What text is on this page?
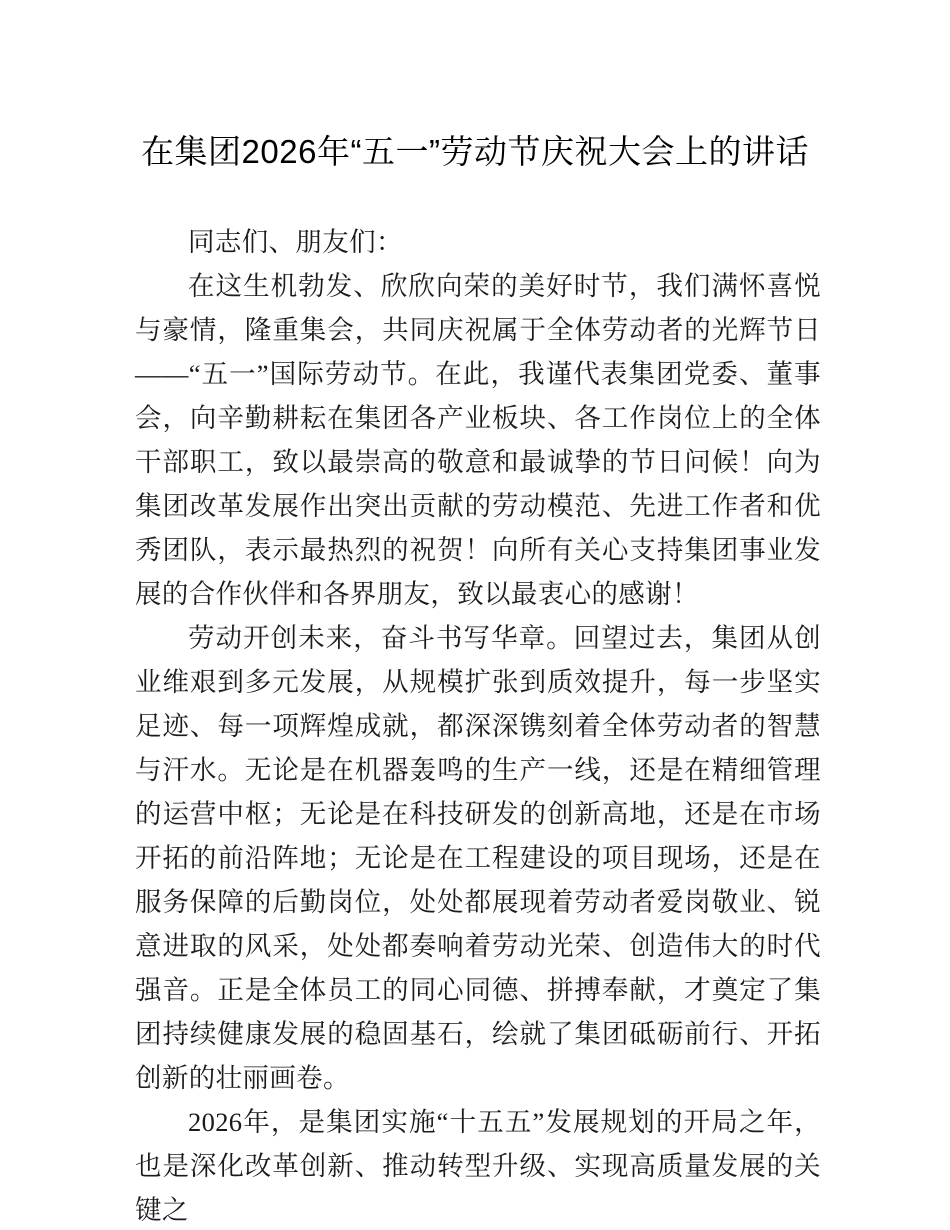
在集团2026年“五一”劳动节庆祝大会上的讲话

同志们、朋友们：

在这生机勃发、欣欣向荣的美好时节，我们满怀喜悦与豪情，隆重集会，共同庆祝属于全体劳动者的光辉节日——“五一”国际劳动节。在此，我谨代表集团党委、董事会，向辛勤耕耘在集团各产业板块、各工作岗位上的全体干部职工，致以最崇高的敬意和最诚挚的节日问候！向为集团改革发展作出突出贡献的劳动模范、先进工作者和优秀团队，表示最热烈的祝贺！向所有关心支持集团事业发展的合作伙伴和各界朋友，致以最衷心的感谢！

劳动开创未来，奋斗书写华章。回望过去，集团从创业维艰到多元发展，从规模扩张到质效提升，每一步坚实足迹、每一项辉煌成就，都深深镌刻着全体劳动者的智慧与汗水。无论是在机器轰鸣的生产一线，还是在精细管理的运营中枢；无论是在科技研发的创新高地，还是在市场开拓的前沿阵地；无论是在工程建设的项目现场，还是在服务保障的后勤岗位，处处都展现着劳动者爱岗敬业、锐意进取的风采，处处都奏响着劳动光荣、创造伟大的时代强音。正是全体员工的同心同德、拼搏奉献，才奠定了集团持续健康发展的稳固基石，绘就了集团砥砺前行、开拓创新的壮丽画卷。

2026年，是集团实施“十五五”发展规划的开局之年，也是深化改革创新、推动转型升级、实现高质量发展的关键之
